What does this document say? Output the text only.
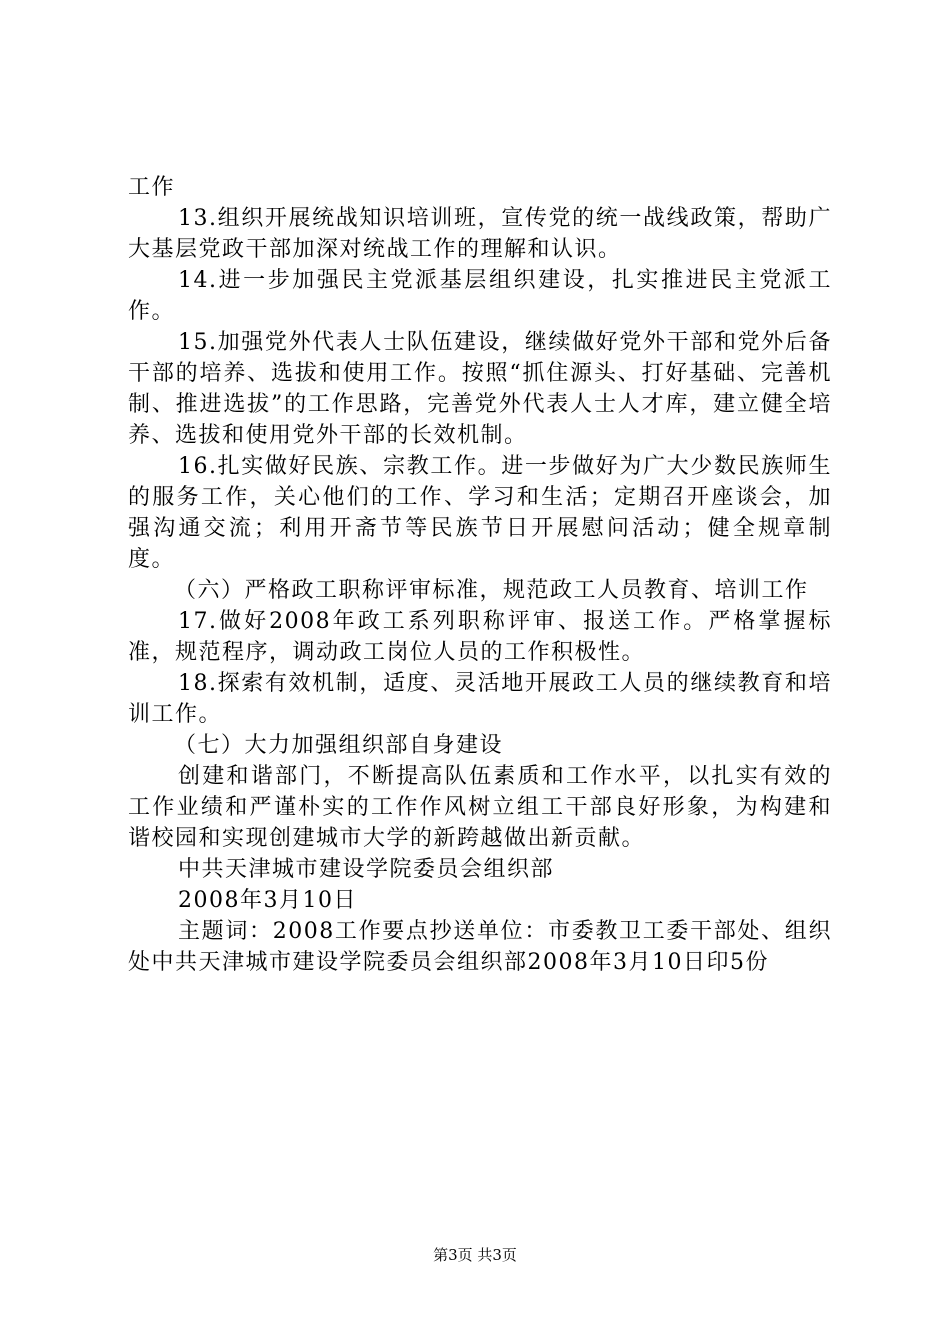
工作

13.组织开展统战知识培训班，宣传党的统一战线政策，帮助广大基层党政干部加深对统战工作的理解和认识。

14.进一步加强民主党派基层组织建设，扎实推进民主党派工作。

15.加强党外代表人士队伍建设，继续做好党外干部和党外后备干部的培养、选拔和使用工作。按照“抓住源头、打好基础、完善机制、推进选拔”的工作思路，完善党外代表人士人才库，建立健全培养、选拔和使用党外干部的长效机制。

16.扎实做好民族、宗教工作。进一步做好为广大少数民族师生的服务工作，关心他们的工作、学习和生活；定期召开座谈会，加强沟通交流；利用开斋节等民族节日开展慰问活动；健全规章制度。

（六）严格政工职称评审标准，规范政工人员教育、培训工作

17.做好2008年政工系列职称评审、报送工作。严格掌握标准，规范程序，调动政工岗位人员的工作积极性。

18.探索有效机制，适度、灵活地开展政工人员的继续教育和培训工作。

（七）大力加强组织部自身建设

创建和谐部门，不断提高队伍素质和工作水平，以扎实有效的工作业绩和严谨朴实的工作作风树立组工干部良好形象，为构建和谐校园和实现创建城市大学的新跨越做出新贡献。

中共天津城市建设学院委员会组织部

2008年3月10日

主题词：2008工作要点抄送单位：市委教卫工委干部处、组织处中共天津城市建设学院委员会组织部2008年3月10日印5份

第3页 共3页
